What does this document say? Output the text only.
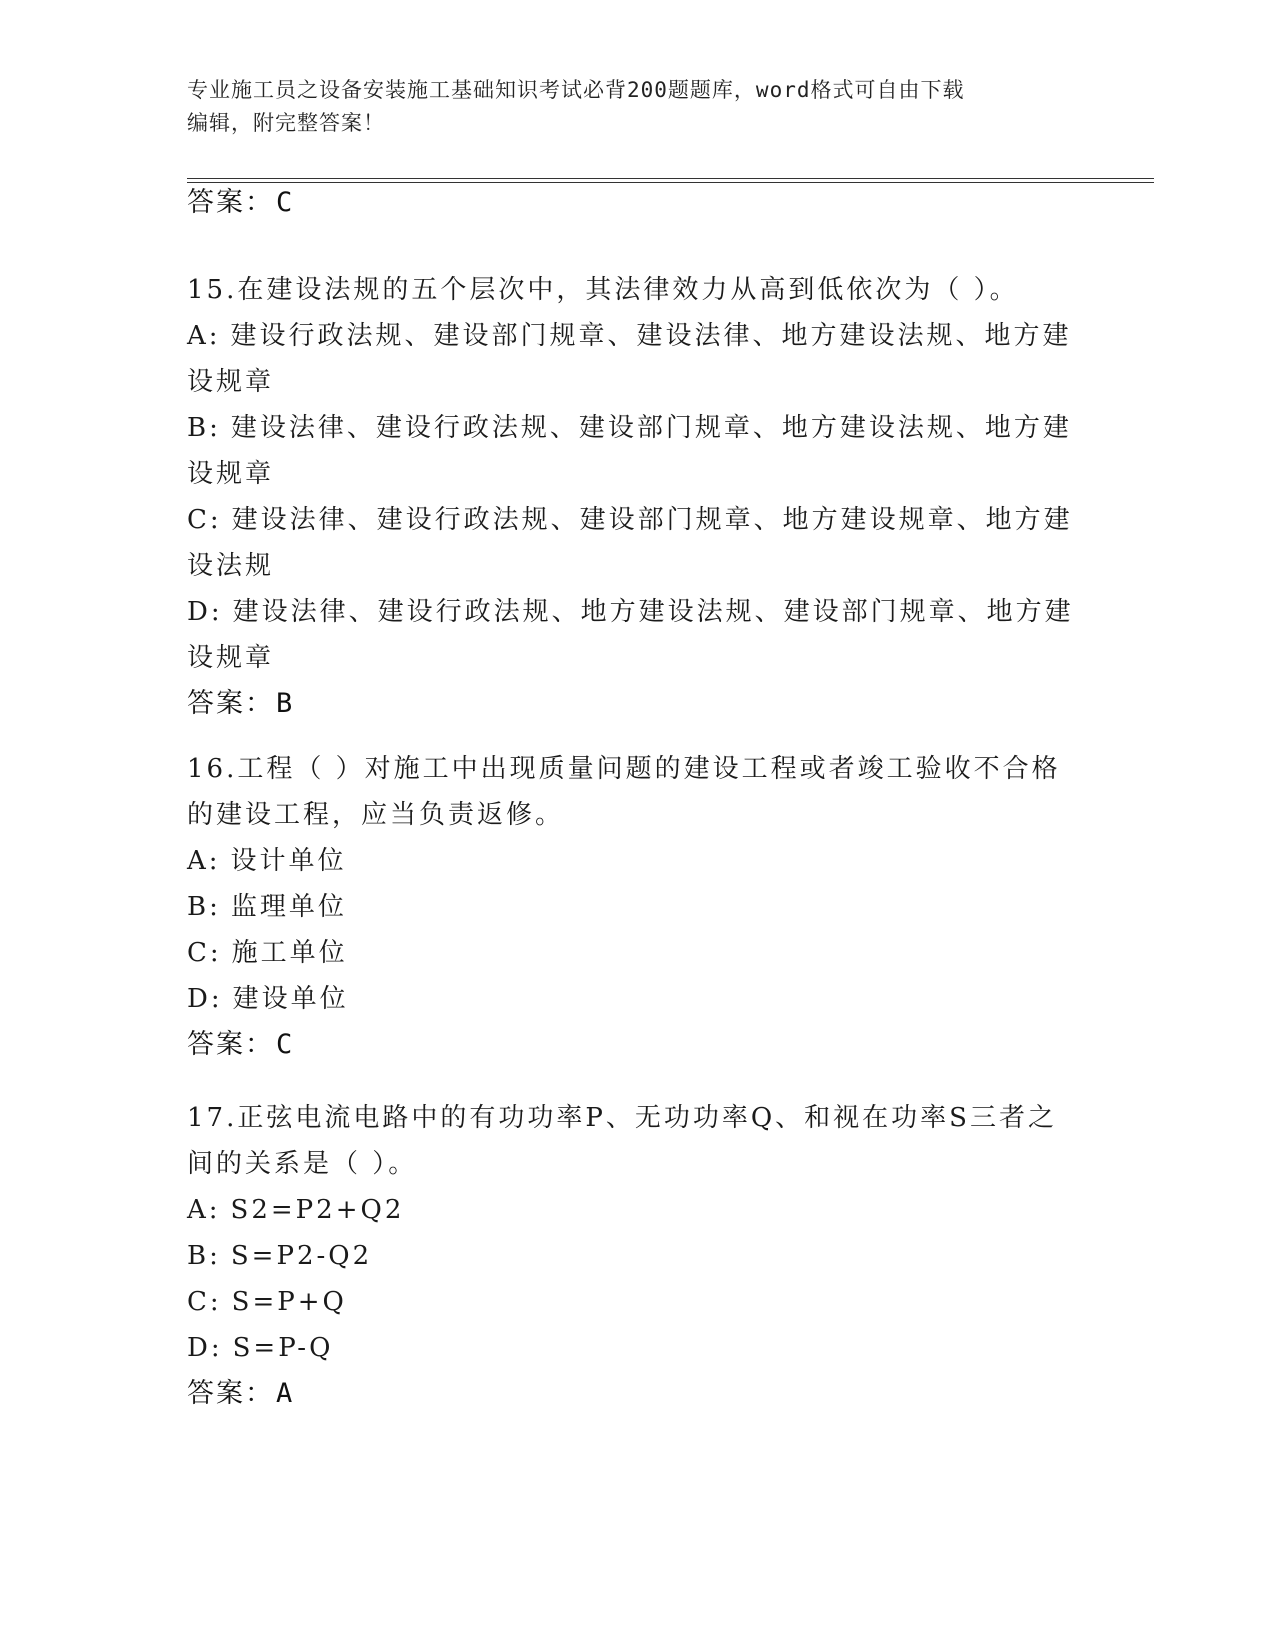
专业施工员之设备安装施工基础知识考试必背200题题库，word格式可自由下载
编辑，附完整答案！
答案：C
15.在建设法规的五个层次中，其法律效力从高到低依次为（ ）。
A: 建设行政法规、建设部门规章、建设法律、地方建设法规、地方建
设规章
B: 建设法律、建设行政法规、建设部门规章、地方建设法规、地方建
设规章
C: 建设法律、建设行政法规、建设部门规章、地方建设规章、地方建
设法规
D: 建设法律、建设行政法规、地方建设法规、建设部门规章、地方建
设规章
答案：B
16.工程（ ）对施工中出现质量问题的建设工程或者竣工验收不合格
的建设工程，应当负责返修。
A: 设计单位
B: 监理单位
C: 施工单位
D: 建设单位
答案：C
17.正弦电流电路中的有功功率P、无功功率Q、和视在功率S三者之
间的关系是（ ）。
A: S2=P2+Q2
B: S=P2-Q2
C: S=P+Q
D: S=P-Q
答案：A
